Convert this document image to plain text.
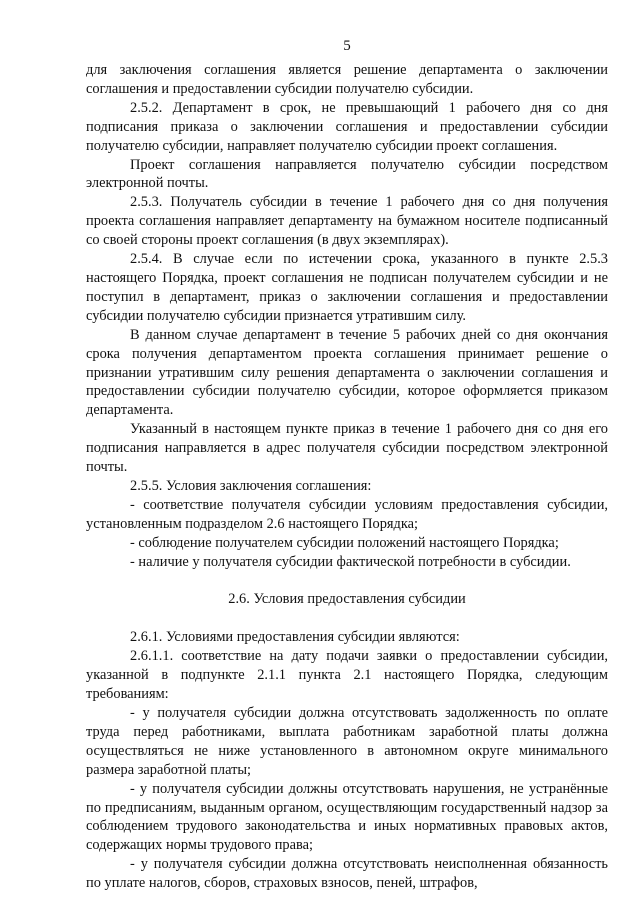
5

для заключения соглашения является решение департамента о заключении соглашения и предоставлении субсидии получателю субсидии.

2.5.2. Департамент в срок, не превышающий 1 рабочего дня со дня подписания приказа о заключении соглашения и предоставлении субсидии получателю субсидии, направляет получателю субсидии проект соглашения.

Проект соглашения направляется получателю субсидии посредством электронной почты.

2.5.3. Получатель субсидии в течение 1 рабочего дня со дня получения проекта соглашения направляет департаменту на бумажном носителе подписанный со своей стороны проект соглашения (в двух экземплярах).

2.5.4. В случае если по истечении срока, указанного в пункте 2.5.3 настоящего Порядка, проект соглашения не подписан получателем субсидии и не поступил в департамент, приказ о заключении соглашения и предоставлении субсидии получателю субсидии признается утратившим силу.

В данном случае департамент в течение 5 рабочих дней со дня окончания срока получения департаментом проекта соглашения принимает решение о признании утратившим силу решения департамента о заключении соглашения и предоставлении субсидии получателю субсидии, которое оформляется приказом департамента.

Указанный в настоящем пункте приказ в течение 1 рабочего дня со дня его подписания направляется в адрес получателя субсидии посредством электронной почты.

2.5.5. Условия заключения соглашения:

- соответствие получателя субсидии условиям предоставления субсидии, установленным подразделом 2.6 настоящего Порядка;

- соблюдение получателем субсидии положений настоящего Порядка;

- наличие у получателя субсидии фактической потребности в субсидии.

2.6. Условия предоставления субсидии

2.6.1. Условиями предоставления субсидии являются:

2.6.1.1. соответствие на дату подачи заявки о предоставлении субсидии, указанной в подпункте 2.1.1 пункта 2.1 настоящего Порядка, следующим требованиям:

- у получателя субсидии должна отсутствовать задолженность по оплате труда перед работниками, выплата работникам заработной платы должна осуществляться не ниже установленного в автономном округе минимального размера заработной платы;

- у получателя субсидии должны отсутствовать нарушения, не устранённые по предписаниям, выданным органом, осуществляющим государственный надзор за соблюдением трудового законодательства и иных нормативных правовых актов, содержащих нормы трудового права;

- у получателя субсидии должна отсутствовать неисполненная обязанность по уплате налогов, сборов, страховых взносов, пеней, штрафов,
